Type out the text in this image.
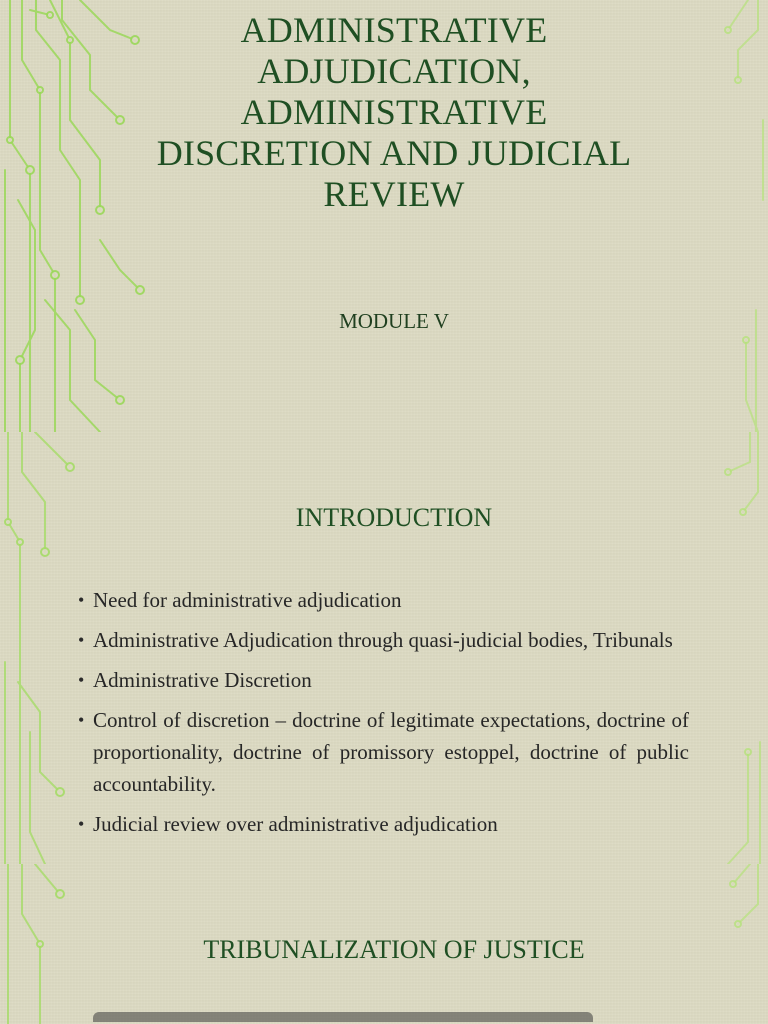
ADMINISTRATIVE
ADJUDICATION,
ADMINISTRATIVE
DISCRETION AND JUDICIAL
REVIEW

MODULE V

INTRODUCTION
• Need for administrative adjudication
• Administrative Adjudication through quasi-judicial bodies, Tribunals
• Administrative Discretion
• Control of discretion – doctrine of legitimate expectations, doctrine of proportionality, doctrine of promissory estoppel, doctrine of public accountability.
• Judicial review over administrative adjudication
TRIBUNALIZATION OF JUSTICE
